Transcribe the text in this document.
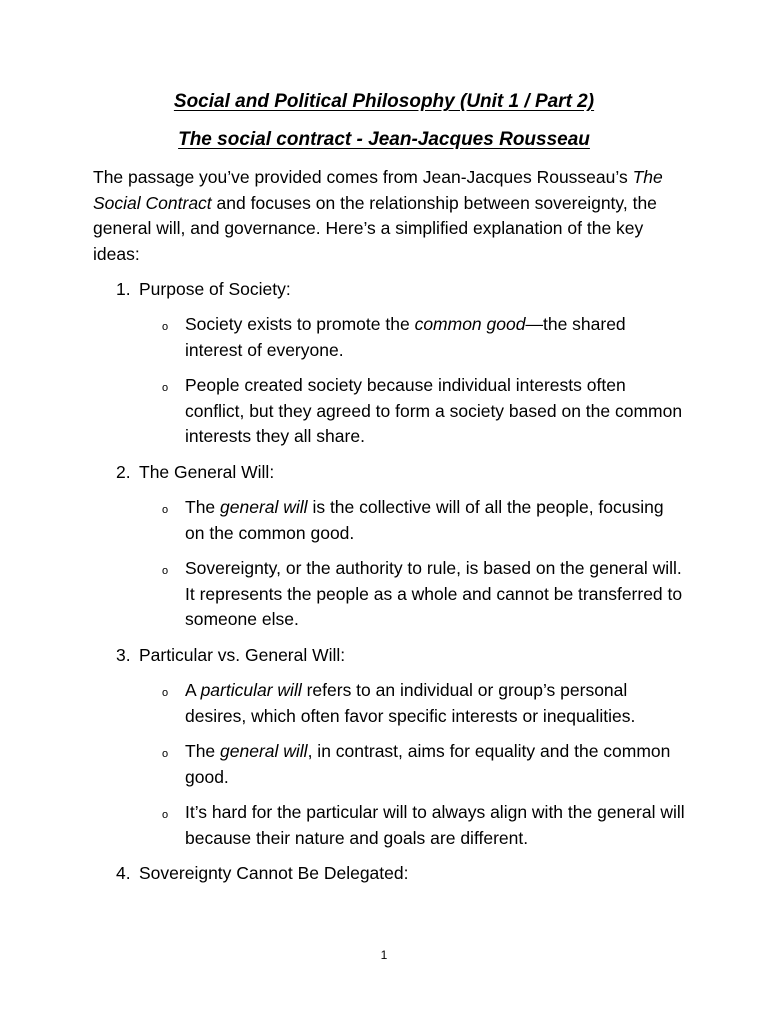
Social and Political Philosophy (Unit 1 / Part 2)
The social contract - Jean-Jacques Rousseau
The passage you’ve provided comes from Jean-Jacques Rousseau’s The Social Contract and focuses on the relationship between sovereignty, the general will, and governance. Here’s a simplified explanation of the key ideas:
1. Purpose of Society:
o Society exists to promote the common good—the shared interest of everyone.
o People created society because individual interests often conflict, but they agreed to form a society based on the common interests they all share.
2. The General Will:
o The general will is the collective will of all the people, focusing on the common good.
o Sovereignty, or the authority to rule, is based on the general will. It represents the people as a whole and cannot be transferred to someone else.
3. Particular vs. General Will:
o A particular will refers to an individual or group’s personal desires, which often favor specific interests or inequalities.
o The general will, in contrast, aims for equality and the common good.
o It’s hard for the particular will to always align with the general will because their nature and goals are different.
4. Sovereignty Cannot Be Delegated:
1
